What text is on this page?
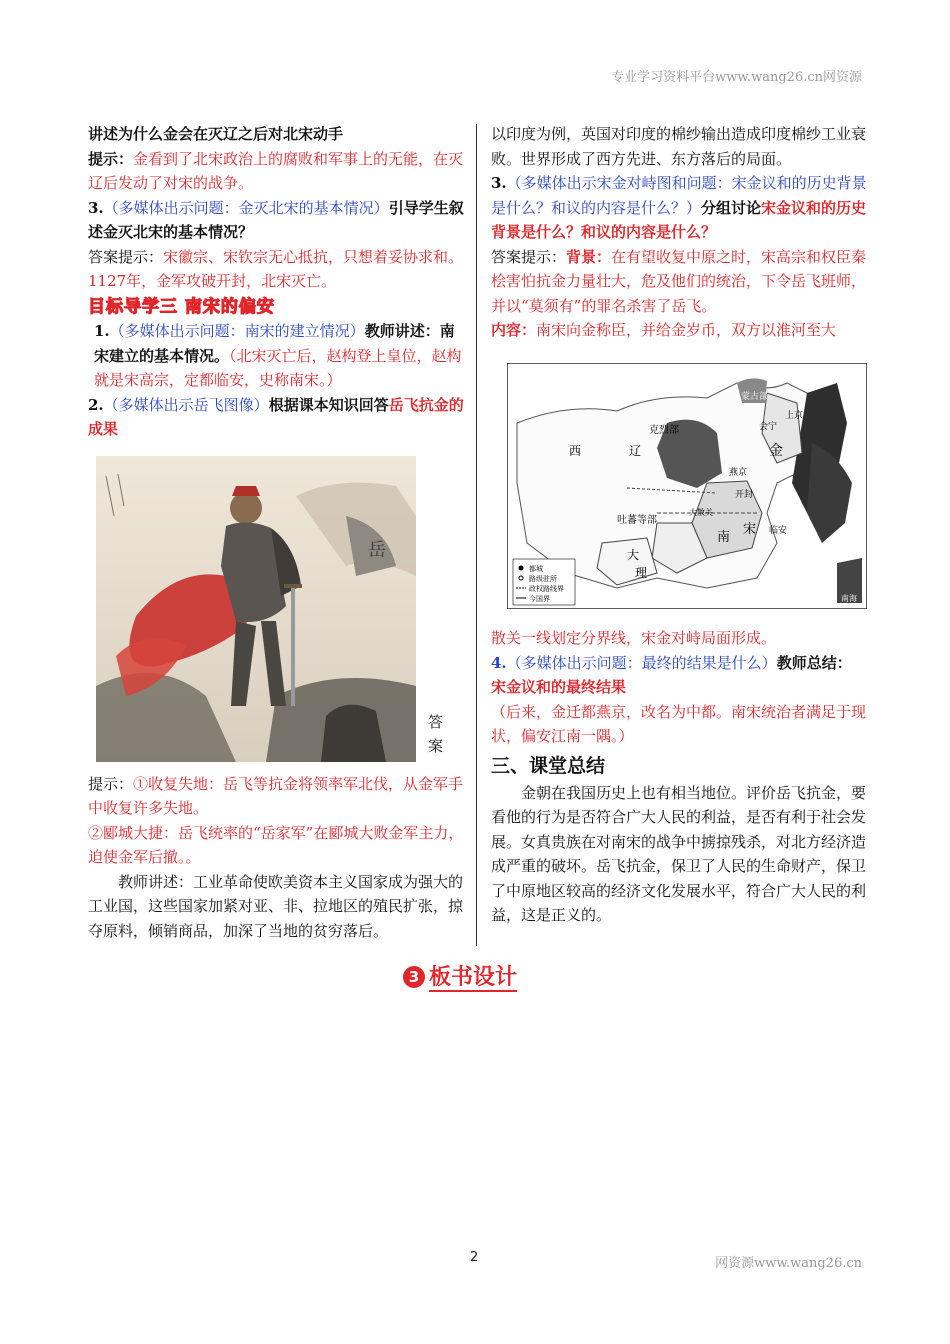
专业学习资料平台www.wang26.cn网资源

讲述为什么金会在灭辽之后对北宋动手

提示：金看到了北宋政治上的腐败和军事上的无能，在灭辽后发动了对宋的战争。

3.（多媒体出示问题：金灭北宋的基本情况）引导学生叙述金灭北宋的基本情况？

答案提示：宋徽宗、宋钦宗无心抵抗，只想着妥协求和。1127年，金军攻破开封，北宋灭亡。

目标导学三 南宋的偏安

1.（多媒体出示问题：南宋的建立情况）教师讲述：南宋建立的基本情况。（北宋灭亡后，赵构登上皇位，赵构就是宋高宗，定都临安，史称南宋。）

2.（多媒体出示岳飞图像）根据课本知识回答岳飞抗金的成果

岳
答案

提示：①收复失地：岳飞等抗金将领率军北伐，从金军手中收复许多失地。

②郾城大捷：岳飞统率的“岳家军”在郾城大败金军主力，迫使金军后撤。。

教师讲述：工业革命使欧美资本主义国家成为强大的工业国，这些国家加紧对亚、非、拉地区的殖民扩张，掠夺原料，倾销商品，加深了当地的贫穷落后。

以印度为例，英国对印度的棉纱输出造成印度棉纱工业衰败。世界形成了西方先进、东方落后的局面。

3.（多媒体出示宋金对峙图和问题：宋金议和的历史背景是什么？和议的内容是什么？）分组讨论宋金议和的历史背景是什么？和议的内容是什么？

答案提示：背景：在有望收复中原之时，宋高宗和权臣秦桧害怕抗金力量壮大，危及他们的统治，下令岳飞班师，并以“莫须有”的罪名杀害了岳飞。

内容：南宋向金称臣，并给金岁币，双方以淮河至大

西	辽
克烈部
蒙古部
上京
会宁
金
燕京
开封
吐蕃等部
大散关
临安
南
宋
大
理
南海
都城
路级驻所
政权路线界
今国界

散关一线划定分界线，宋金对峙局面形成。

4.（多媒体出示问题：最终的结果是什么）教师总结：

宋金议和的最终结果

（后来，金迁都燕京，改名为中都。南宋统治者满足于现状，偏安江南一隅。）

三、课堂总结

金朝在我国历史上也有相当地位。评价岳飞抗金，要看他的行为是否符合广大人民的利益，是否有利于社会发展。女真贵族在对南宋的战争中掳掠残杀，对北方经济造成严重的破坏。岳飞抗金，保卫了人民的生命财产，保卫了中原地区较高的经济文化发展水平，符合广大人民的利益，这是正义的。

3 板书设计
2	网资源www.wang26.cn
